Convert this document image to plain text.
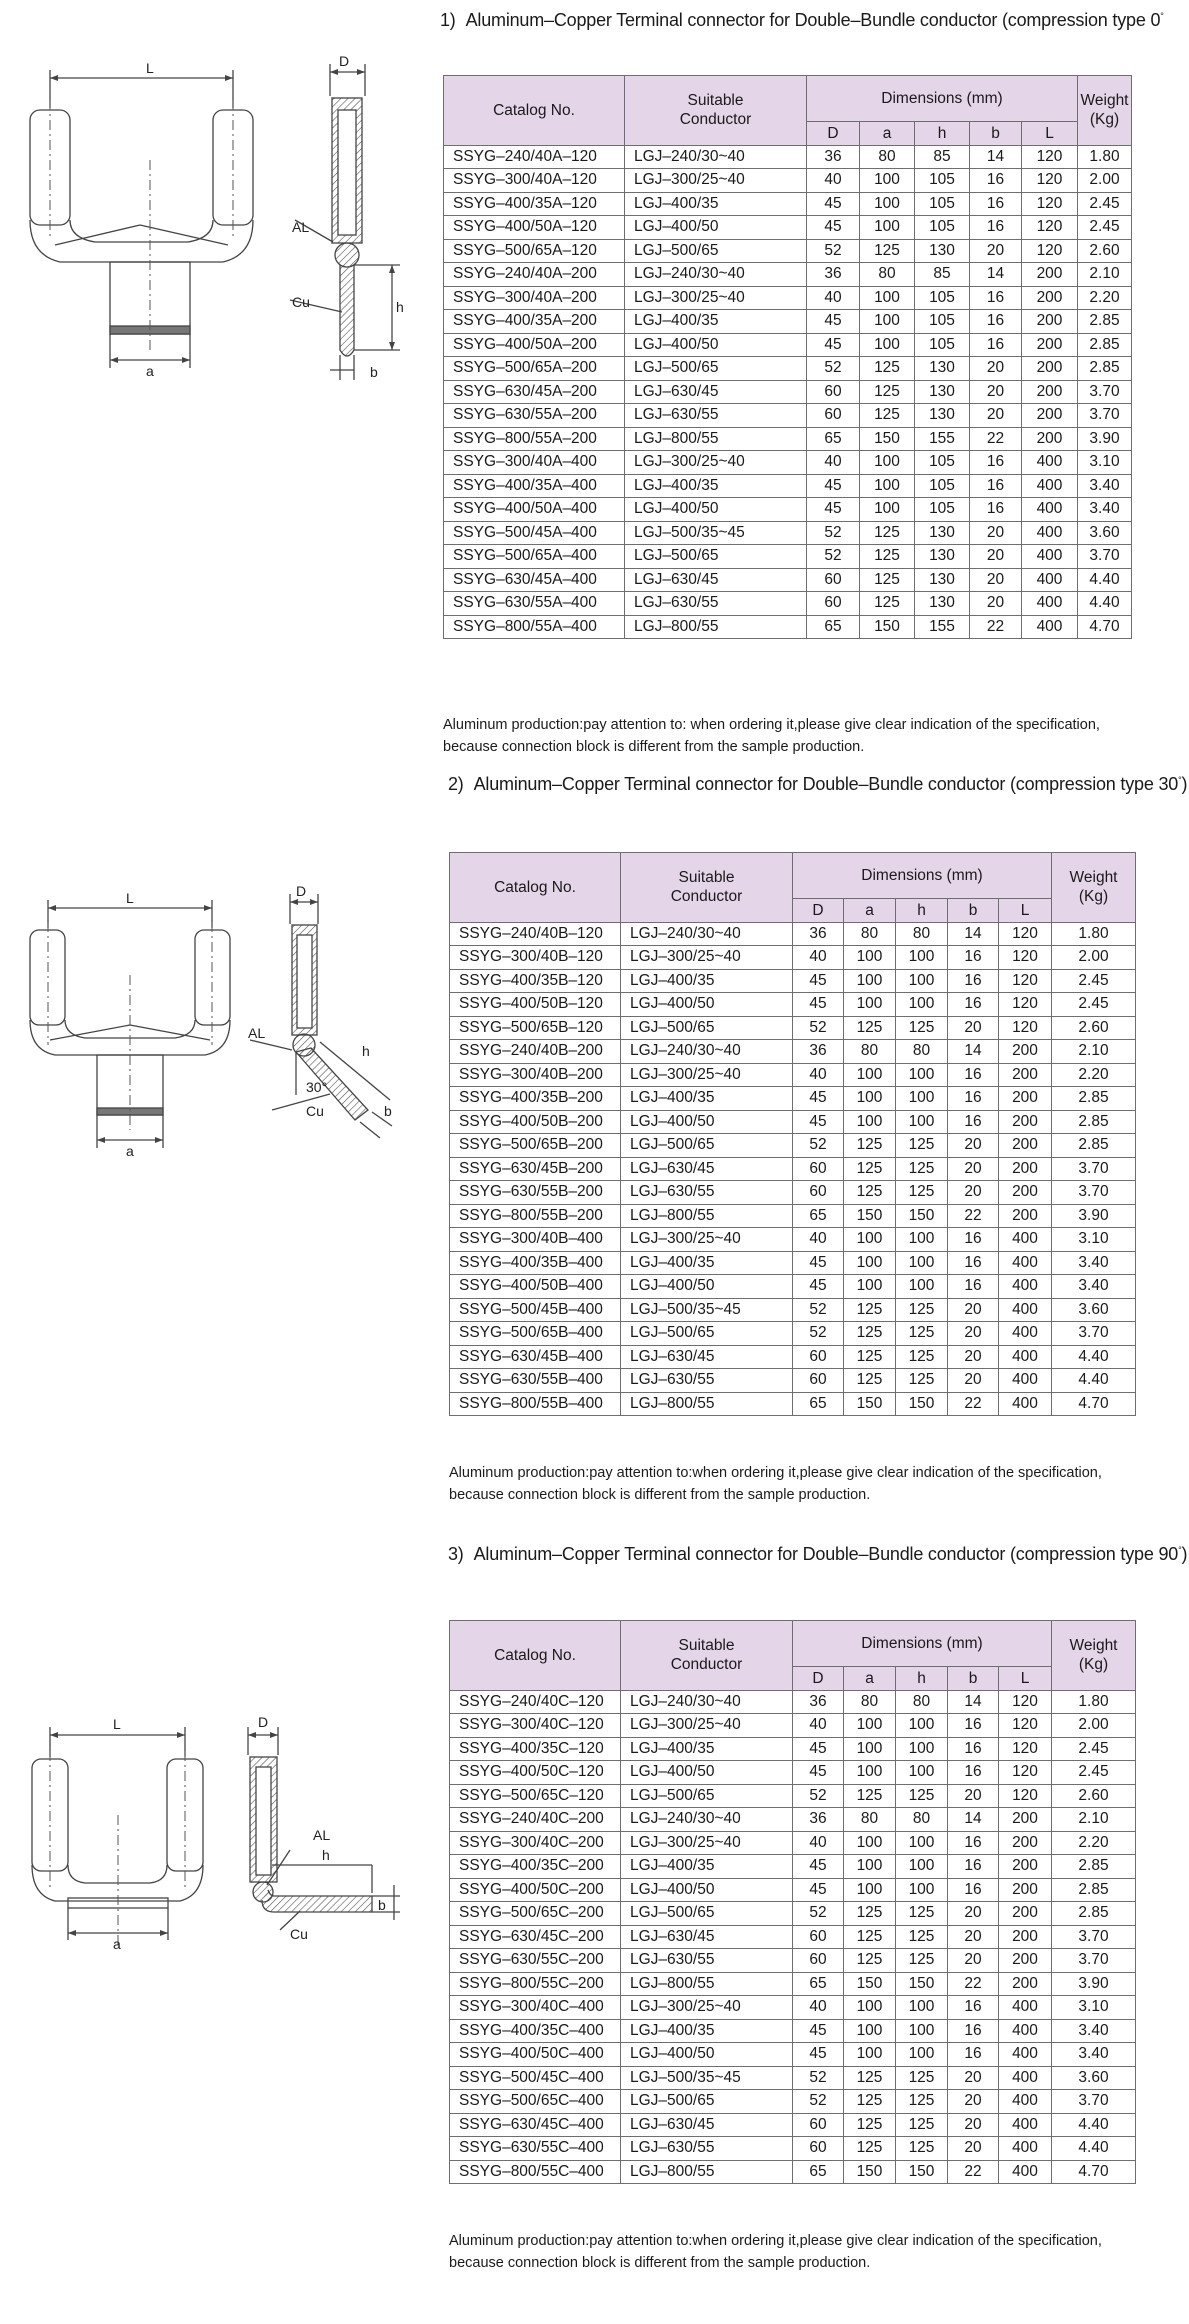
1) Aluminum–Copper Terminal connector for Double–Bundle conductor (compression type 0°
L
a
D
h
b
AL
Cu
Catalog No.	Suitable
Conductor	Dimensions (mm)					Weight
(Kg)
		D	a	h	b	L	
SSYG–240/40A–120	LGJ–240/30~40	36	80	85	14	120	1.80
SSYG–300/40A–120	LGJ–300/25~40	40	100	105	16	120	2.00
SSYG–400/35A–120	LGJ–400/35	45	100	105	16	120	2.45
SSYG–400/50A–120	LGJ–400/50	45	100	105	16	120	2.45
SSYG–500/65A–120	LGJ–500/65	52	125	130	20	120	2.60
SSYG–240/40A–200	LGJ–240/30~40	36	80	85	14	200	2.10
SSYG–300/40A–200	LGJ–300/25~40	40	100	105	16	200	2.20
SSYG–400/35A–200	LGJ–400/35	45	100	105	16	200	2.85
SSYG–400/50A–200	LGJ–400/50	45	100	105	16	200	2.85
SSYG–500/65A–200	LGJ–500/65	52	125	130	20	200	2.85
SSYG–630/45A–200	LGJ–630/45	60	125	130	20	200	3.70
SSYG–630/55A–200	LGJ–630/55	60	125	130	20	200	3.70
SSYG–800/55A–200	LGJ–800/55	65	150	155	22	200	3.90
SSYG–300/40A–400	LGJ–300/25~40	40	100	105	16	400	3.10
SSYG–400/35A–400	LGJ–400/35	45	100	105	16	400	3.40
SSYG–400/50A–400	LGJ–400/50	45	100	105	16	400	3.40
SSYG–500/45A–400	LGJ–500/35~45	52	125	130	20	400	3.60
SSYG–500/65A–400	LGJ–500/65	52	125	130	20	400	3.70
SSYG–630/45A–400	LGJ–630/45	60	125	130	20	400	4.40
SSYG–630/55A–400	LGJ–630/55	60	125	130	20	400	4.40
SSYG–800/55A–400	LGJ–800/55	65	150	155	22	400	4.70
Aluminum production:pay attention to: when ordering it,please give clear indication of the specification,
because connection block is different from the sample production.
2) Aluminum–Copper Terminal connector for Double–Bundle conductor (compression type 30°)
L
a
D
h
b
AL
30°
Cu
Catalog No.	Suitable
Conductor	Dimensions (mm)					Weight
(Kg)
		D	a	h	b	L	
SSYG–240/40B–120	LGJ–240/30~40	36	80	80	14	120	1.80
SSYG–300/40B–120	LGJ–300/25~40	40	100	100	16	120	2.00
SSYG–400/35B–120	LGJ–400/35	45	100	100	16	120	2.45
SSYG–400/50B–120	LGJ–400/50	45	100	100	16	120	2.45
SSYG–500/65B–120	LGJ–500/65	52	125	125	20	120	2.60
SSYG–240/40B–200	LGJ–240/30~40	36	80	80	14	200	2.10
SSYG–300/40B–200	LGJ–300/25~40	40	100	100	16	200	2.20
SSYG–400/35B–200	LGJ–400/35	45	100	100	16	200	2.85
SSYG–400/50B–200	LGJ–400/50	45	100	100	16	200	2.85
SSYG–500/65B–200	LGJ–500/65	52	125	125	20	200	2.85
SSYG–630/45B–200	LGJ–630/45	60	125	125	20	200	3.70
SSYG–630/55B–200	LGJ–630/55	60	125	125	20	200	3.70
SSYG–800/55B–200	LGJ–800/55	65	150	150	22	200	3.90
SSYG–300/40B–400	LGJ–300/25~40	40	100	100	16	400	3.10
SSYG–400/35B–400	LGJ–400/35	45	100	100	16	400	3.40
SSYG–400/50B–400	LGJ–400/50	45	100	100	16	400	3.40
SSYG–500/45B–400	LGJ–500/35~45	52	125	125	20	400	3.60
SSYG–500/65B–400	LGJ–500/65	52	125	125	20	400	3.70
SSYG–630/45B–400	LGJ–630/45	60	125	125	20	400	4.40
SSYG–630/55B–400	LGJ–630/55	60	125	125	20	400	4.40
SSYG–800/55B–400	LGJ–800/55	65	150	150	22	400	4.70
Aluminum production:pay attention to:when ordering it,please give clear indication of the specification,
because connection block is different from the sample production.
3) Aluminum–Copper Terminal connector for Double–Bundle conductor (compression type 90°)
L
a
D
h
b
AL
Cu
Catalog No.	Suitable
Conductor	Dimensions (mm)					Weight
(Kg)
		D	a	h	b	L	
SSYG–240/40C–120	LGJ–240/30~40	36	80	80	14	120	1.80
SSYG–300/40C–120	LGJ–300/25~40	40	100	100	16	120	2.00
SSYG–400/35C–120	LGJ–400/35	45	100	100	16	120	2.45
SSYG–400/50C–120	LGJ–400/50	45	100	100	16	120	2.45
SSYG–500/65C–120	LGJ–500/65	52	125	125	20	120	2.60
SSYG–240/40C–200	LGJ–240/30~40	36	80	80	14	200	2.10
SSYG–300/40C–200	LGJ–300/25~40	40	100	100	16	200	2.20
SSYG–400/35C–200	LGJ–400/35	45	100	100	16	200	2.85
SSYG–400/50C–200	LGJ–400/50	45	100	100	16	200	2.85
SSYG–500/65C–200	LGJ–500/65	52	125	125	20	200	2.85
SSYG–630/45C–200	LGJ–630/45	60	125	125	20	200	3.70
SSYG–630/55C–200	LGJ–630/55	60	125	125	20	200	3.70
SSYG–800/55C–200	LGJ–800/55	65	150	150	22	200	3.90
SSYG–300/40C–400	LGJ–300/25~40	40	100	100	16	400	3.10
SSYG–400/35C–400	LGJ–400/35	45	100	100	16	400	3.40
SSYG–400/50C–400	LGJ–400/50	45	100	100	16	400	3.40
SSYG–500/45C–400	LGJ–500/35~45	52	125	125	20	400	3.60
SSYG–500/65C–400	LGJ–500/65	52	125	125	20	400	3.70
SSYG–630/45C–400	LGJ–630/45	60	125	125	20	400	4.40
SSYG–630/55C–400	LGJ–630/55	60	125	125	20	400	4.40
SSYG–800/55C–400	LGJ–800/55	65	150	150	22	400	4.70
Aluminum production:pay attention to:when ordering it,please give clear indication of the specification,
because connection block is different from the sample production.
